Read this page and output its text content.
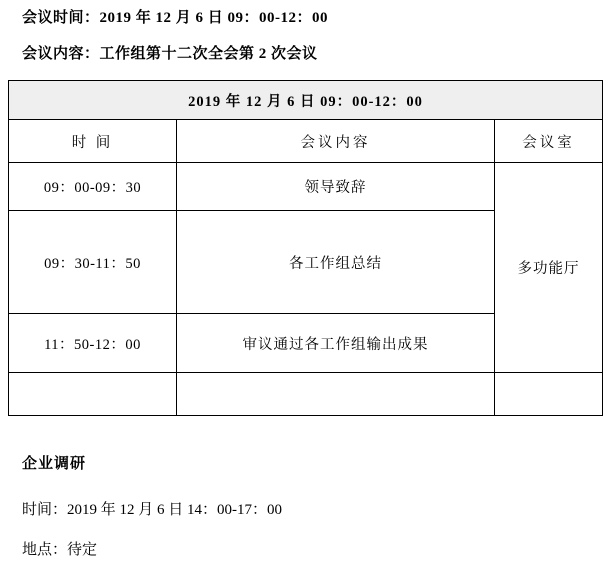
会议时间：2019 年 12 月 6 日 09：00-12：00
会议内容：工作组第十二次全会第 2 次会议
2019 年 12 月 6 日 09：00-12：00		
时 间	会议内容	会议室
09：00-09：30	领导致辞	多功能厅
09：30-11：50	各工作组总结	
11：50-12：00	审议通过各工作组输出成果	

企业调研
时间：2019 年 12 月 6 日 14：00-17：00
地点：待定
